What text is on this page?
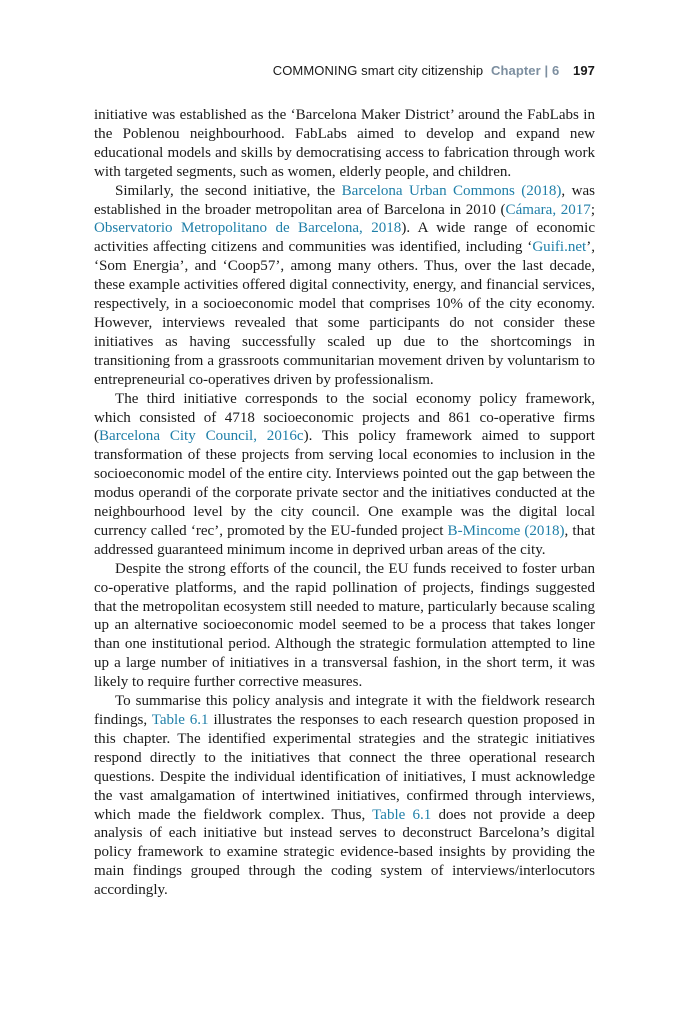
COMMONING smart city citizenship Chapter | 6 197

initiative was established as the ‘Barcelona Maker District’ around the FabLabs in the Poblenou neighbourhood. FabLabs aimed to develop and expand new educational models and skills by democratising access to fabrication through work with targeted segments, such as women, elderly people, and children.

Similarly, the second initiative, the Barcelona Urban Commons (2018), was established in the broader metropolitan area of Barcelona in 2010 (Cámara, 2017; Observatorio Metropolitano de Barcelona, 2018). A wide range of economic activities affecting citizens and communities was identified, including ‘Guifi.net’, ‘Som Energia’, and ‘Coop57’, among many others. Thus, over the last decade, these example activities offered digital connectivity, energy, and financial services, respectively, in a socioeconomic model that comprises 10% of the city economy. However, interviews revealed that some participants do not consider these initiatives as having successfully scaled up due to the shortcomings in transitioning from a grassroots communitarian movement driven by voluntarism to entrepreneurial co-operatives driven by professionalism.

The third initiative corresponds to the social economy policy framework, which consisted of 4718 socioeconomic projects and 861 co-operative firms (Barcelona City Council, 2016c). This policy framework aimed to support transformation of these projects from serving local economies to inclusion in the socioeconomic model of the entire city. Interviews pointed out the gap between the modus operandi of the corporate private sector and the initiatives conducted at the neighbourhood level by the city council. One example was the digital local currency called ‘rec’, promoted by the EU-funded project B-Mincome (2018), that addressed guaranteed minimum income in deprived urban areas of the city.

Despite the strong efforts of the council, the EU funds received to foster urban co-operative platforms, and the rapid pollination of projects, findings suggested that the metropolitan ecosystem still needed to mature, particularly because scaling up an alternative socioeconomic model seemed to be a process that takes longer than one institutional period. Although the strategic formulation attempted to line up a large number of initiatives in a transversal fashion, in the short term, it was likely to require further corrective measures.

To summarise this policy analysis and integrate it with the fieldwork research findings, Table 6.1 illustrates the responses to each research question proposed in this chapter. The identified experimental strategies and the strategic initiatives respond directly to the initiatives that connect the three operational research questions. Despite the individual identification of initiatives, I must acknowledge the vast amalgamation of intertwined initiatives, confirmed through interviews, which made the fieldwork complex. Thus, Table 6.1 does not provide a deep analysis of each initiative but instead serves to deconstruct Barcelona’s digital policy framework to examine strategic evidence-based insights by providing the main findings grouped through the coding system of interviews/interlocutors accordingly.
